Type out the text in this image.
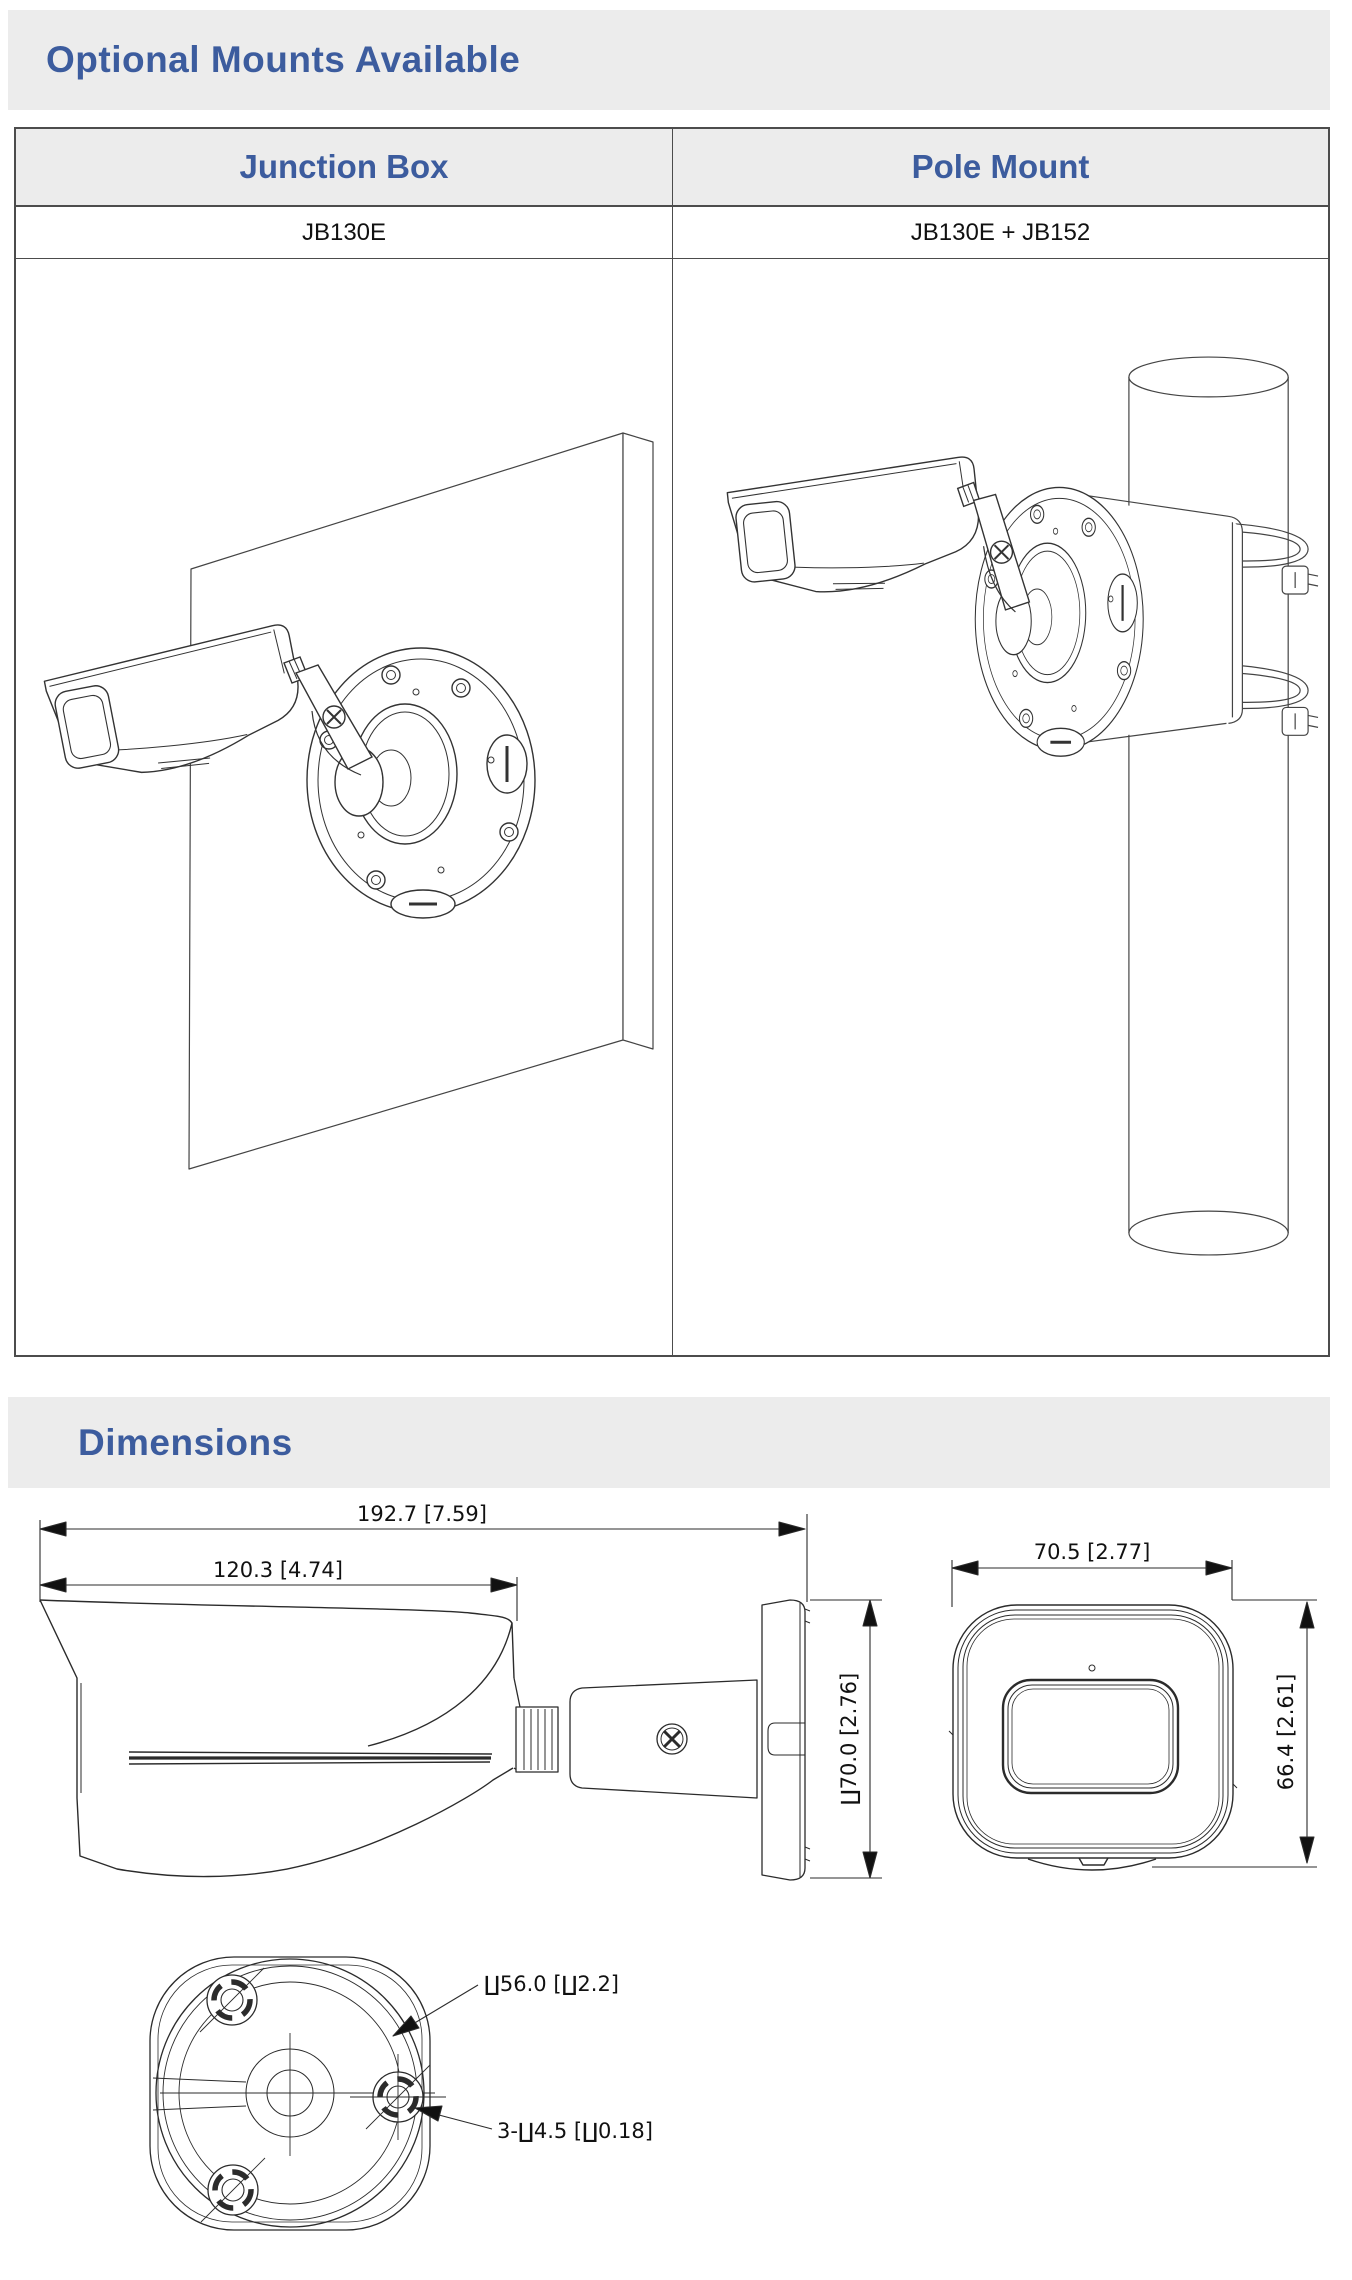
Optional Mounts Available
Junction Box	Pole Mount
JB130E	JB130E + JB152
Dimensions
192.7 [7.59]
120.3 [4.74]
∐70.0 [2.76]
70.5 [2.77]
66.4 [2.61]
∐56.0 [∐2.2]
3-∐4.5 [∐0.18]
